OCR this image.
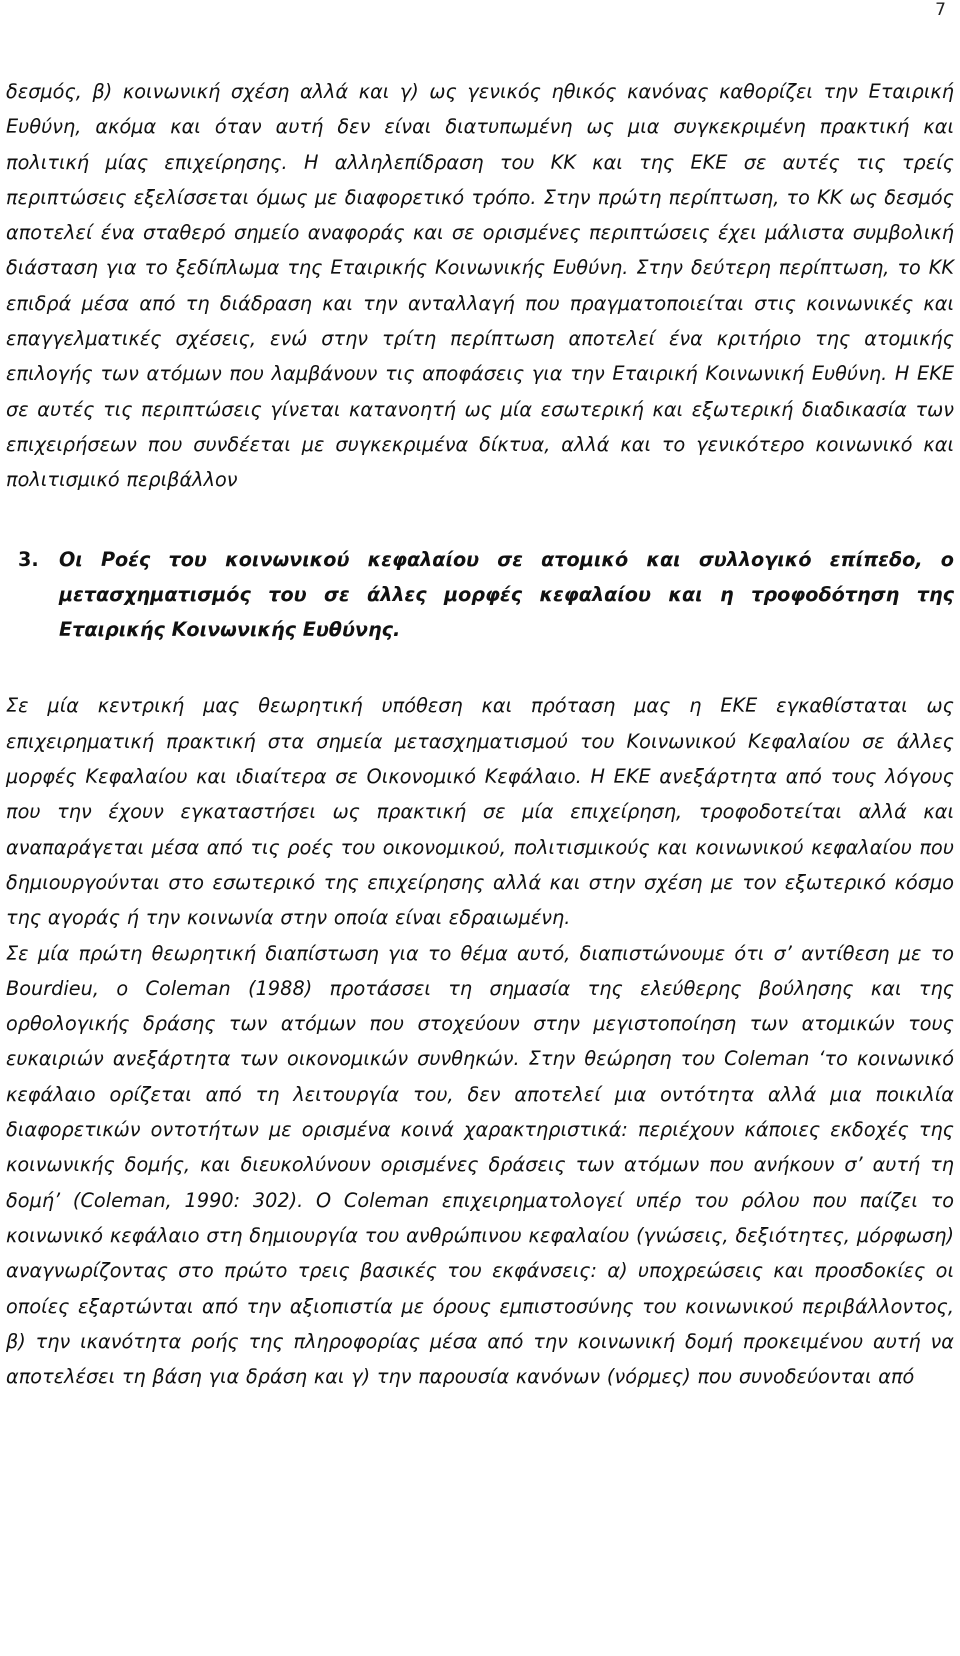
7

δεσμός, β) κοινωνική σχέση αλλά και γ) ως γενικός ηθικός κανόνας καθορίζει την Εταιρική Ευθύνη, ακόμα και όταν αυτή δεν είναι διατυπωμένη ως μια συγκεκριμένη πρακτική και πολιτική μίας επιχείρησης. Η αλληλεπίδραση του ΚΚ και της ΕΚΕ σε αυτές τις τρείς περιπτώσεις εξελίσσεται όμως με διαφορετικό τρόπο. Στην πρώτη περίπτωση, το ΚΚ ως δεσμός αποτελεί ένα σταθερό σημείο αναφοράς και σε ορισμένες περιπτώσεις έχει μάλιστα συμβολική διάσταση για το ξεδίπλωμα της Εταιρικής Κοινωνικής Ευθύνη. Στην δεύτερη περίπτωση, το ΚΚ επιδρά μέσα από τη διάδραση και την ανταλλαγή που πραγματοποιείται στις κοινωνικές και επαγγελματικές σχέσεις, ενώ στην τρίτη περίπτωση αποτελεί ένα κριτήριο της ατομικής επιλογής των ατόμων που λαμβάνουν τις αποφάσεις για την Εταιρική Κοινωνική Ευθύνη. Η ΕΚΕ σε αυτές τις περιπτώσεις γίνεται κατανοητή ως μία εσωτερική και εξωτερική διαδικασία των επιχειρήσεων που συνδέεται με συγκεκριμένα δίκτυα, αλλά και το γενικότερο κοινωνικό και πολιτισμικό περιβάλλον

3. Οι Ροές του κοινωνικού κεφαλαίου σε ατομικό και συλλογικό επίπεδο, ο μετασχηματισμός του σε άλλες μορφές κεφαλαίου και η τροφοδότηση της Εταιρικής Κοινωνικής Ευθύνης.

Σε μία κεντρική μας θεωρητική υπόθεση και πρόταση μας η ΕΚΕ εγκαθίσταται ως επιχειρηματική πρακτική στα σημεία μετασχηματισμού του Κοινωνικού Κεφαλαίου σε άλλες μορφές Κεφαλαίου και ιδιαίτερα σε Οικονομικό Κεφάλαιο. Η ΕΚΕ ανεξάρτητα από τους λόγους που την έχουν εγκαταστήσει ως πρακτική σε μία επιχείρηση, τροφοδοτείται αλλά και αναπαράγεται μέσα από τις ροές του οικονομικού, πολιτισμικούς και κοινωνικού κεφαλαίου που δημιουργούνται στο εσωτερικό της επιχείρησης αλλά και στην σχέση με τον εξωτερικό κόσμο της αγοράς ή την κοινωνία στην οποία είναι εδραιωμένη.

Σε μία πρώτη θεωρητική διαπίστωση για το θέμα αυτό, διαπιστώνουμε ότι σ’ αντίθεση με το Bourdieu, ο Coleman (1988) προτάσσει τη σημασία της ελεύθερης βούλησης και της ορθολογικής δράσης των ατόμων που στοχεύουν στην μεγιστοποίηση των ατομικών τους ευκαιριών ανεξάρτητα των οικονομικών συνθηκών. Στην θεώρηση του Coleman ‘το κοινωνικό κεφάλαιο ορίζεται από τη λειτουργία του, δεν αποτελεί μια οντότητα αλλά μια ποικιλία διαφορετικών οντοτήτων με ορισμένα κοινά χαρακτηριστικά: περιέχουν κάποιες εκδοχές της κοινωνικής δομής, και διευκολύνουν ορισμένες δράσεις των ατόμων που ανήκουν σ’ αυτή τη δομή’ (Coleman, 1990: 302). Ο Coleman επιχειρηματολογεί υπέρ του ρόλου που παίζει το κοινωνικό κεφάλαιο στη δημιουργία του ανθρώπινου κεφαλαίου (γνώσεις, δεξιότητες, μόρφωση) αναγνωρίζοντας στο πρώτο τρεις βασικές του εκφάνσεις: α) υποχρεώσεις και προσδοκίες οι οποίες εξαρτώνται από την αξιοπιστία με όρους εμπιστοσύνης του κοινωνικού περιβάλλοντος, β) την ικανότητα ροής της πληροφορίας μέσα από την κοινωνική δομή προκειμένου αυτή να αποτελέσει τη βάση για δράση και γ) την παρουσία κανόνων (νόρμες) που συνοδεύονται από
